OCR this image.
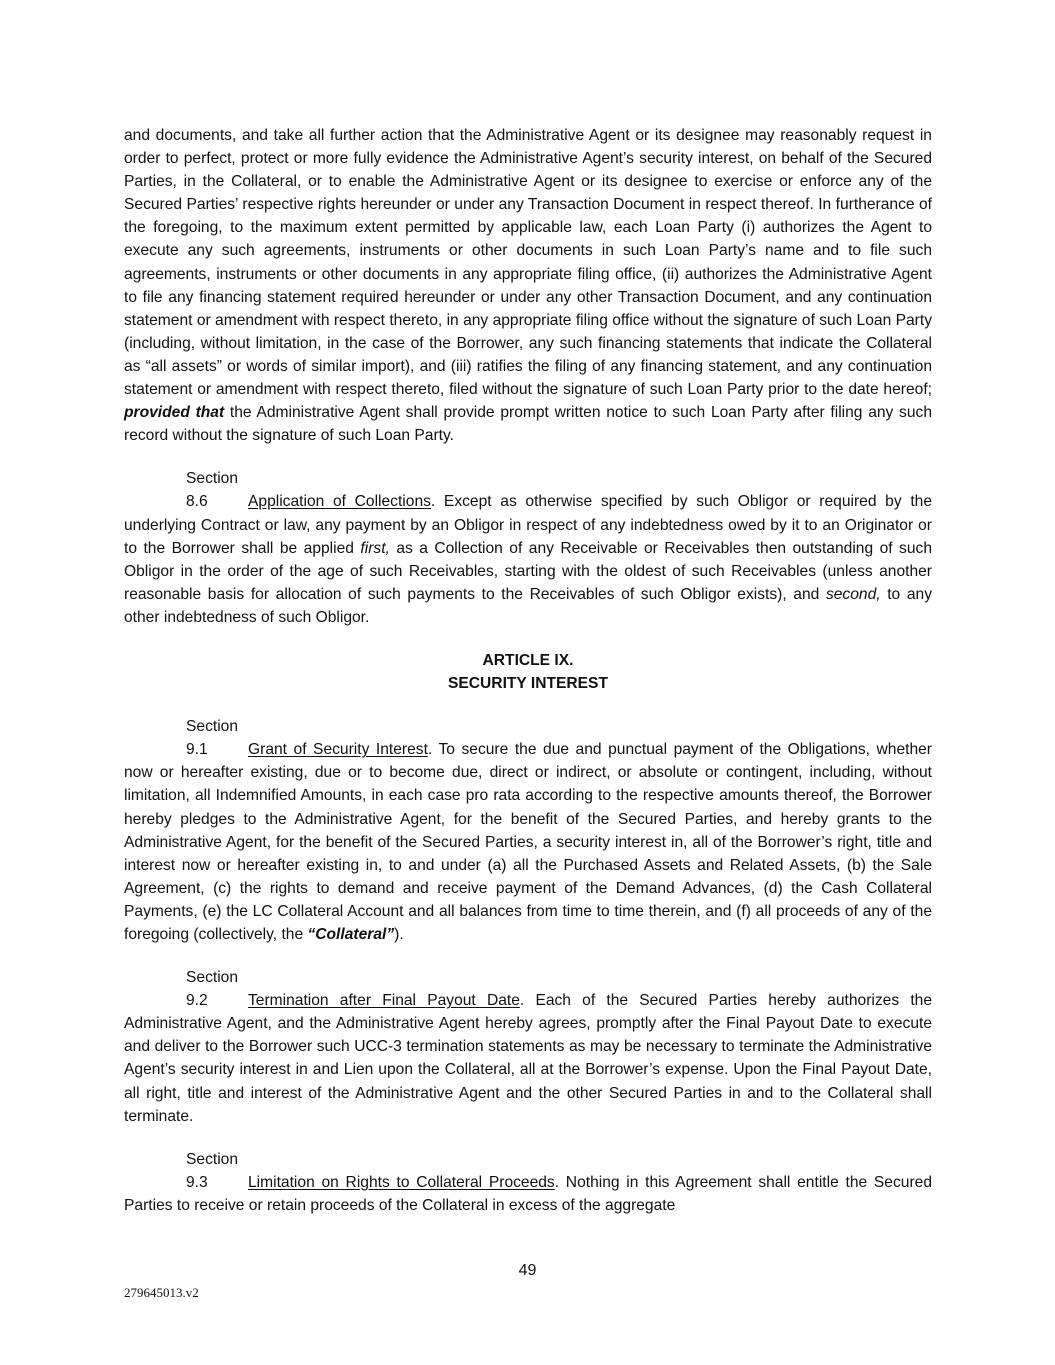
and documents, and take all further action that the Administrative Agent or its designee may reasonably request in order to perfect, protect or more fully evidence the Administrative Agent’s security interest, on behalf of the Secured Parties, in the Collateral, or to enable the Administrative Agent or its designee to exercise or enforce any of the Secured Parties’ respective rights hereunder or under any Transaction Document in respect thereof. In furtherance of the foregoing, to the maximum extent permitted by applicable law, each Loan Party (i) authorizes the Agent to execute any such agreements, instruments or other documents in such Loan Party’s name and to file such agreements, instruments or other documents in any appropriate filing office, (ii) authorizes the Administrative Agent to file any financing statement required hereunder or under any other Transaction Document, and any continuation statement or amendment with respect thereto, in any appropriate filing office without the signature of such Loan Party (including, without limitation, in the case of the Borrower, any such financing statements that indicate the Collateral as “all assets” or words of similar import), and (iii) ratifies the filing of any financing statement, and any continuation statement or amendment with respect thereto, filed without the signature of such Loan Party prior to the date hereof; provided that the Administrative Agent shall provide prompt written notice to such Loan Party after filing any such record without the signature of such Loan Party.

Section 8.6	Application of Collections. Except as otherwise specified by such Obligor or required by the underlying Contract or law, any payment by an Obligor in respect of any indebtedness owed by it to an Originator or to the Borrower shall be applied first, as a Collection of any Receivable or Receivables then outstanding of such Obligor in the order of the age of such Receivables, starting with the oldest of such Receivables (unless another reasonable basis for allocation of such payments to the Receivables of such Obligor exists), and second, to any other indebtedness of such Obligor.

ARTICLE IX.

SECURITY INTEREST

Section 9.1	Grant of Security Interest. To secure the due and punctual payment of the Obligations, whether now or hereafter existing, due or to become due, direct or indirect, or absolute or contingent, including, without limitation, all Indemnified Amounts, in each case pro rata according to the respective amounts thereof, the Borrower hereby pledges to the Administrative Agent, for the benefit of the Secured Parties, and hereby grants to the Administrative Agent, for the benefit of the Secured Parties, a security interest in, all of the Borrower’s right, title and interest now or hereafter existing in, to and under (a) all the Purchased Assets and Related Assets, (b) the Sale Agreement, (c) the rights to demand and receive payment of the Demand Advances, (d) the Cash Collateral Payments, (e) the LC Collateral Account and all balances from time to time therein, and (f) all proceeds of any of the foregoing (collectively, the “Collateral”).

Section 9.2	Termination after Final Payout Date. Each of the Secured Parties hereby authorizes the Administrative Agent, and the Administrative Agent hereby agrees, promptly after the Final Payout Date to execute and deliver to the Borrower such UCC-3 termination statements as may be necessary to terminate the Administrative Agent’s security interest in and Lien upon the Collateral, all at the Borrower’s expense. Upon the Final Payout Date, all right, title and interest of the Administrative Agent and the other Secured Parties in and to the Collateral shall terminate.

Section 9.3	Limitation on Rights to Collateral Proceeds. Nothing in this Agreement shall entitle the Secured Parties to receive or retain proceeds of the Collateral in excess of the aggregate

49
279645013.v2
